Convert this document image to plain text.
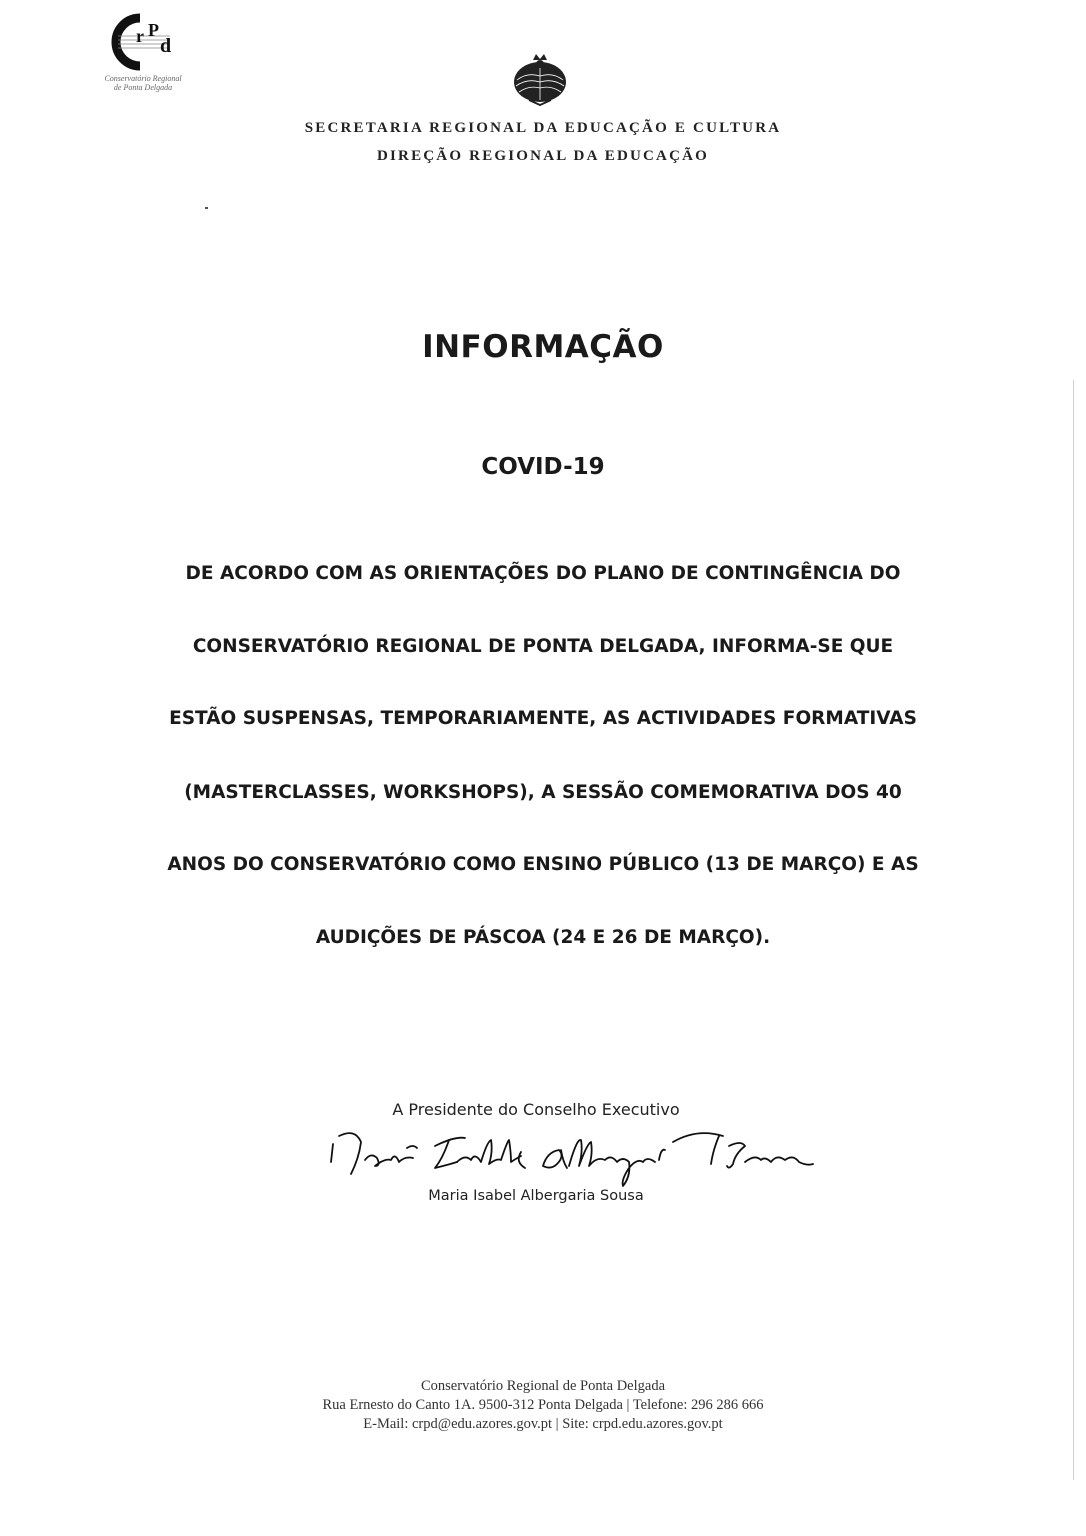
r P
d
Conservatório Regional
de Ponta Delgada
SECRETARIA REGIONAL DA EDUCAÇÃO E CULTURA
DIREÇÃO REGIONAL DA EDUCAÇÃO
INFORMAÇÃO
COVID-19
DE ACORDO COM AS ORIENTAÇÕES DO PLANO DE CONTINGÊNCIA DO
CONSERVATÓRIO REGIONAL DE PONTA DELGADA, INFORMA-SE QUE
ESTÃO SUSPENSAS, TEMPORARIAMENTE, AS ACTIVIDADES FORMATIVAS
(MASTERCLASSES, WORKSHOPS), A SESSÃO COMEMORATIVA DOS 40
ANOS DO CONSERVATÓRIO COMO ENSINO PÚBLICO (13 DE MARÇO) E AS
AUDIÇÕES DE PÁSCOA (24 E 26 DE MARÇO).
A Presidente do Conselho Executivo
Maria Isabel Albergaria Sousa
Conservatório Regional de Ponta Delgada
Rua Ernesto do Canto 1A. 9500-312 Ponta Delgada | Telefone: 296 286 666
E-Mail: crpd@edu.azores.gov.pt | Site: crpd.edu.azores.gov.pt
